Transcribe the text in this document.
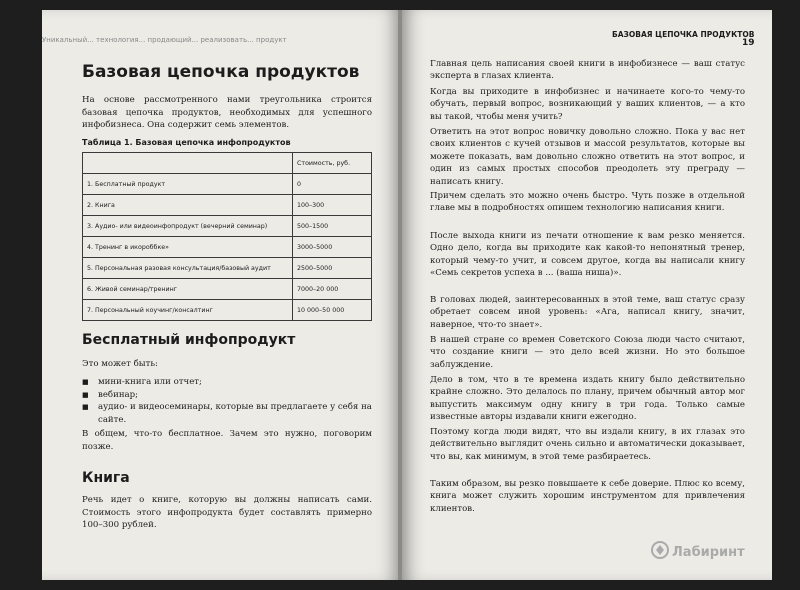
Уникальный... технология... продающий... реализовать... продукт
Базовая цепочка продуктов
На основе рассмотренного нами треугольника строится базовая цепочка продуктов, необходимых для успешного инфобизнеса. Она содержит семь элементов.
Таблица 1. Базовая цепочка инфопродуктов
	Стоимость, руб.
1. Бесплатный продукт	0
2. Книга	100–300
3. Аудио- или видеоинфопродукт (вечерний семинар)	500–1500
4. Тренинг в икороббке»	3000–5000
5. Персональная разовая консультация/базовый аудит	2500–5000
6. Живой семинар/тренинг	7000–20 000
7. Персональный коучинг/консалтинг	10 000–50 000
Бесплатный инфопродукт
Это может быть:
■ мини-книга или отчет;
■ вебинар;
■ аудио- и видеосеминары, которые вы предлагаете у себя на сайте.
В общем, что-то бесплатное. Зачем это нужно, поговорим позже.
Книга
Речь идет о книге, которую вы должны написать сами. Стоимость этого инфопродукта будет составлять примерно 100–300 рублей.
БАЗОВАЯ ЦЕПОЧКА ПРОДУКТОВ
19
Главная цель написания своей книги в инфобизнесе — ваш статус эксперта в глазах клиента.
Когда вы приходите в инфобизнес и начинаете кого-то чему-то обучать, первый вопрос, возникающий у ваших клиентов, — а кто вы такой, чтобы меня учить?
Ответить на этот вопрос новичку довольно сложно. Пока у вас нет своих клиентов с кучей отзывов и массой результатов, которые вы можете показать, вам довольно сложно ответить на этот вопрос, и один из самых простых способов преодолеть эту преграду — написать книгу.
Причем сделать это можно очень быстро. Чуть позже в отдельной главе мы в подробностях опишем технологию написания книги.
После выхода книги из печати отношение к вам резко меняется. Одно дело, когда вы приходите как какой-то непонятный тренер, который чему-то учит, и совсем другое, когда вы написали книгу «Семь секретов успеха в ... (ваша ниша)».
В головах людей, заинтересованных в этой теме, ваш статус сразу обретает совсем иной уровень: «Ага, написал книгу, значит, наверное, что-то знает».
В нашей стране со времен Советского Союза люди часто считают, что создание книги — это дело всей жизни. Но это большое заблуждение.
Дело в том, что в те времена издать книгу было действительно крайне сложно. Это делалось по плану, причем обычный автор мог выпустить максимум одну книгу в три года. Только самые известные авторы издавали книги ежегодно.
Поэтому когда люди видят, что вы издали книгу, в их глазах это действительно выглядит очень сильно и автоматически доказывает, что вы, как минимум, в этой теме разбираетесь.
Таким образом, вы резко повышаете к себе доверие. Плюс ко всему, книга может служить хорошим инструментом для привлечения клиентов.
Лабиринт
